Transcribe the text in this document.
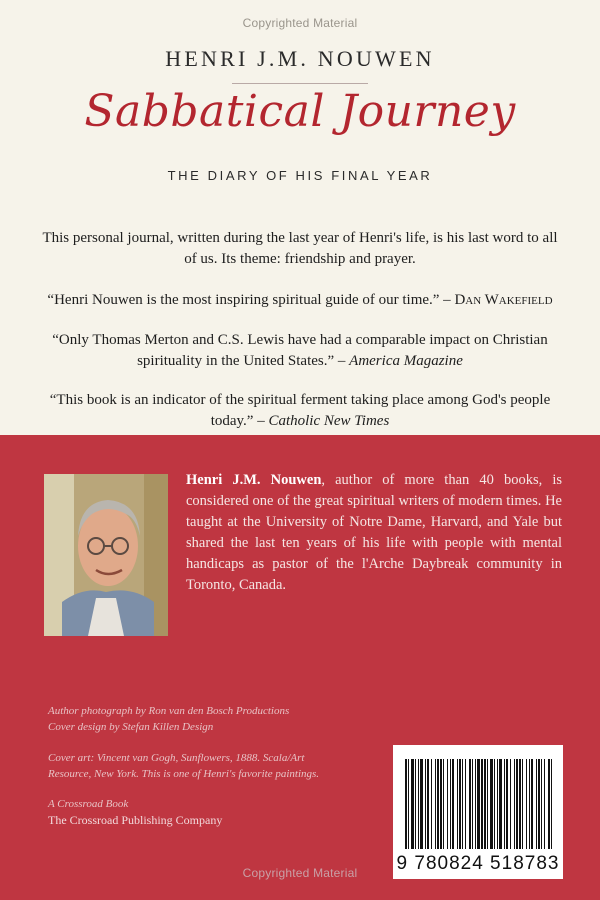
Copyrighted Material
HENRI J.M. NOUWEN
Sabbatical Journey
THE DIARY OF HIS FINAL YEAR
This personal journal, written during the last year of Henri's life, is his last word to all of us. Its theme: friendship and prayer.
“Henri Nouwen is the most inspiring spiritual guide of our time.” – Dan Wakefield
“Only Thomas Merton and C.S. Lewis have had a comparable impact on Christian spirituality in the United States.” – America Magazine
“This book is an indicator of the spiritual ferment taking place among God's people today.” – Catholic New Times
Henri J.M. Nouwen, author of more than 40 books, is considered one of the great spiritual writers of modern times. He taught at the University of Notre Dame, Harvard, and Yale but shared the last ten years of his life with people with mental handicaps as pastor of the l'Arche Daybreak community in Toronto, Canada.
Author photograph by Ron van den Bosch Productions
Cover design by Stefan Killen Design
Cover art: Vincent van Gogh, Sunflowers, 1888. Scala/Art
Resource, New York. This is one of Henri's favorite paintings.
A Crossroad Book
The Crossroad Publishing Company
9 780824 518783
Copyrighted Material
